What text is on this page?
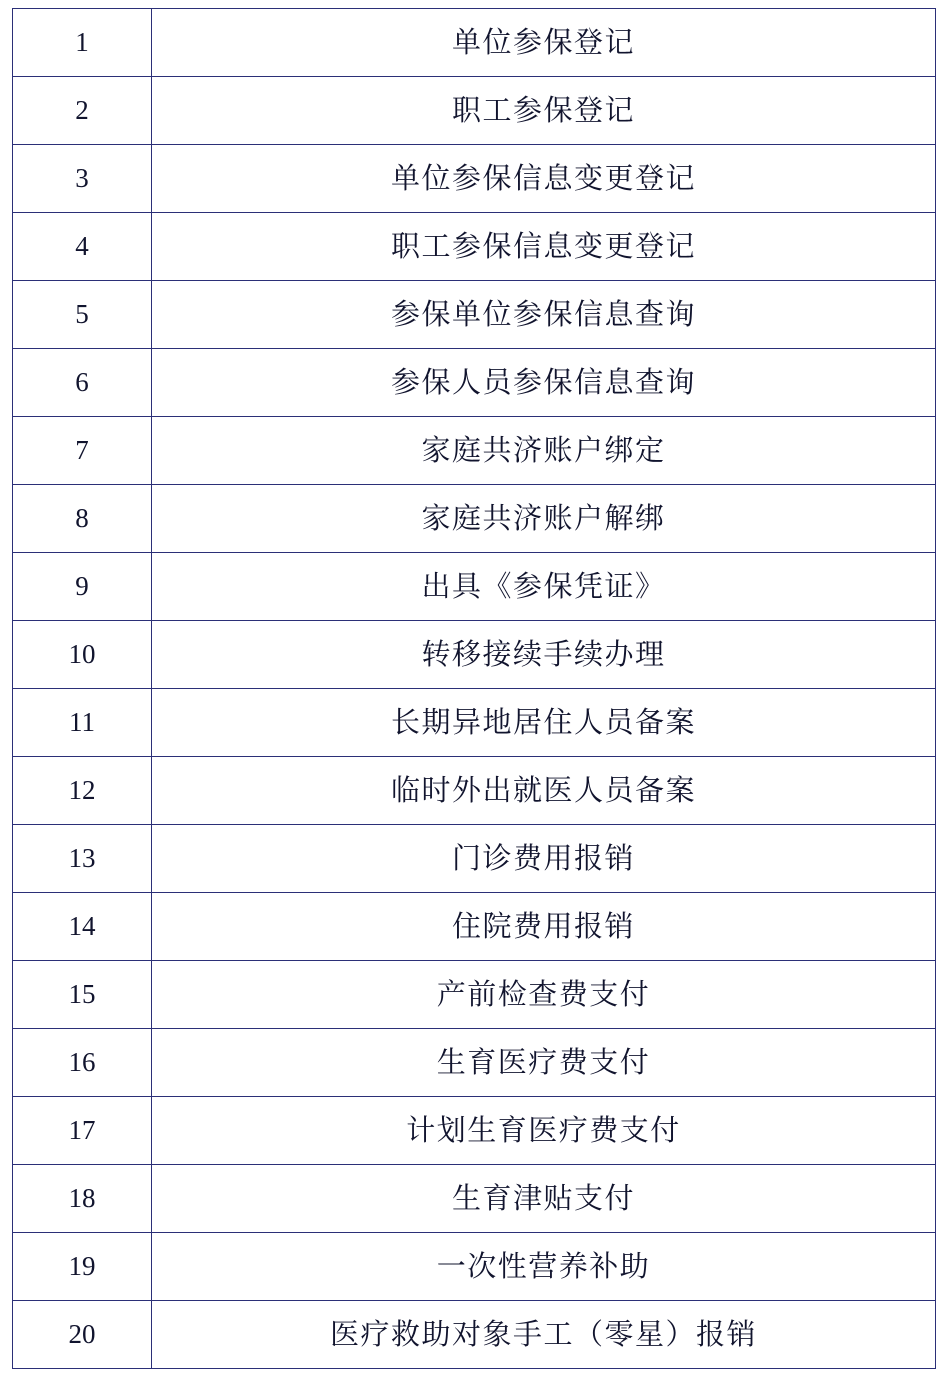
1	单位参保登记

2	职工参保登记

3	单位参保信息变更登记

4	职工参保信息变更登记

5	参保单位参保信息查询

6	参保人员参保信息查询

7	家庭共济账户绑定

8	家庭共济账户解绑

9	出具《参保凭证》

10	转移接续手续办理

11	长期异地居住人员备案

12	临时外出就医人员备案

13	门诊费用报销

14	住院费用报销

15	产前检查费支付

16	生育医疗费支付

17	计划生育医疗费支付

18	生育津贴支付

19	一次性营养补助

20	医疗救助对象手工（零星）报销
